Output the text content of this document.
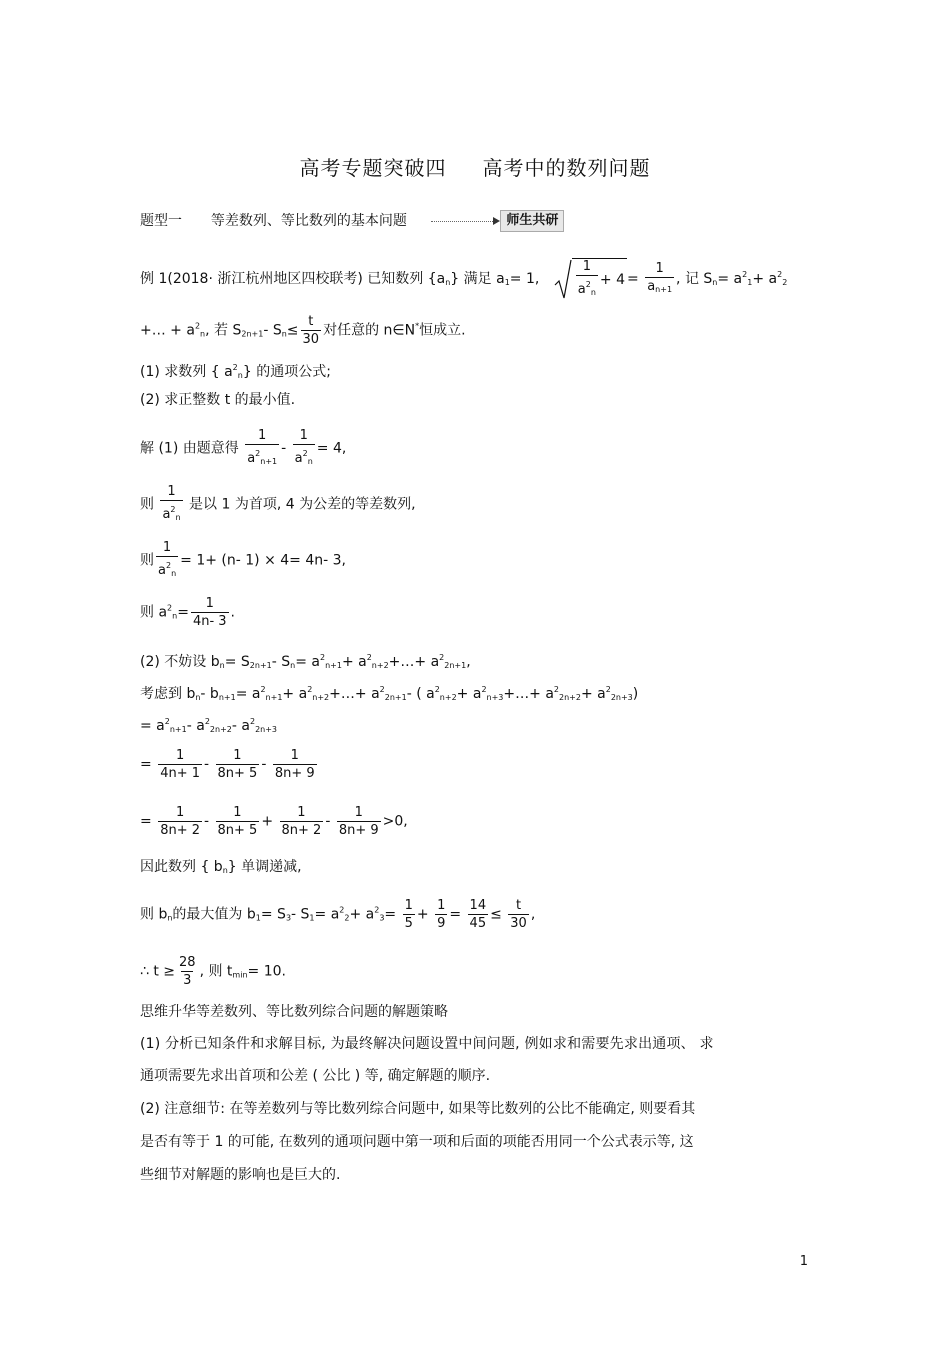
高考专题突破四 高考中的数列问题
题型一 等差数列、等比数列的基本问题	师生共研
例 1(2018· 浙江杭州地区四校联考) 已知数列 $\{a_n\}$ 满足 $a_1= 1$,	$\frac{1}{a^2_n} + 4 = \frac{1}{a_{n+1}}$ , 记 $S_n= a^2_1+ a^2_2$
+… + $a^2_n$, 若 $S_{2n+1}-$ $S_n\le \frac{t}{30}$ 对任意的 n∈N*恒成立.
(1) 求数列 { $a^2_n$} 的通项公式;
(2) 求正整数 t 的最小值.
解 (1) 由题意得 $\frac{1}{a^2_{n+1}} - \frac{1}{a^2_n} = 4$,
则 $\frac{1}{a^2_n}$ 是以 1 为首项, 4 为公差的等差数列,
则 $\frac{1}{a^2_n} = 1+ (n-$ 1) × 4= 4n- 3,
则 $a^2_n= \frac{1}{4n- 3}$ .
(2) 不妨设 $b_n= S_{2n+1}-$ $S_n= a^2_{n+1}+$ $a^2_{n+2}+\dots+ a^2_{2n+1}$,
考虑到 $b_n-$ $b_{n+1}= a^2_{n+1}+$ $a^2_{n+2}+\dots+ a^2_{2n+1}-$ ( $a^2_{n+2}+$ $a^2_{n+3}+\dots+ a^2_{2n+2}+ a^2_{2n+3}$)
= $a^2_{n+1}-$ $a^2_{2n+2}-$ $a^2_{2n+3}$
= $\frac{1}{4n+ 1} - \frac{1}{8n+ 5} - \frac{1}{8n+ 9}$
= $\frac{1}{8n+ 2} - \frac{1}{8n+ 5} + \frac{1}{8n+ 2} - \frac{1}{8n+ 9} >0$,
因此数列 { $b_n$} 单调递减,
则 $b_n$的最大值为 $b_1= S_3-$ $S_1= a^2_2+ a^2_3= \frac{1}{5} + \frac{1}{9} = \frac{14}{45} \le \frac{t}{30}$ ,
∴ $t \ge \frac{28}{3}$ , 则 $t_{min}= 10$.
思维升华等差数列、等比数列综合问题的解题策略
(1) 分析已知条件和求解目标, 为最终解决问题设置中间问题, 例如求和需要先求出通项、 求
通项需要先求出首项和公差 ( 公比 ) 等, 确定解题的顺序.
(2) 注意细节: 在等差数列与等比数列综合问题中, 如果等比数列的公比不能确定, 则要看其
是否有等于 1 的可能, 在数列的通项问题中第一项和后面的项能否用同一个公式表示等, 这
些细节对解题的影响也是巨大的.
1
